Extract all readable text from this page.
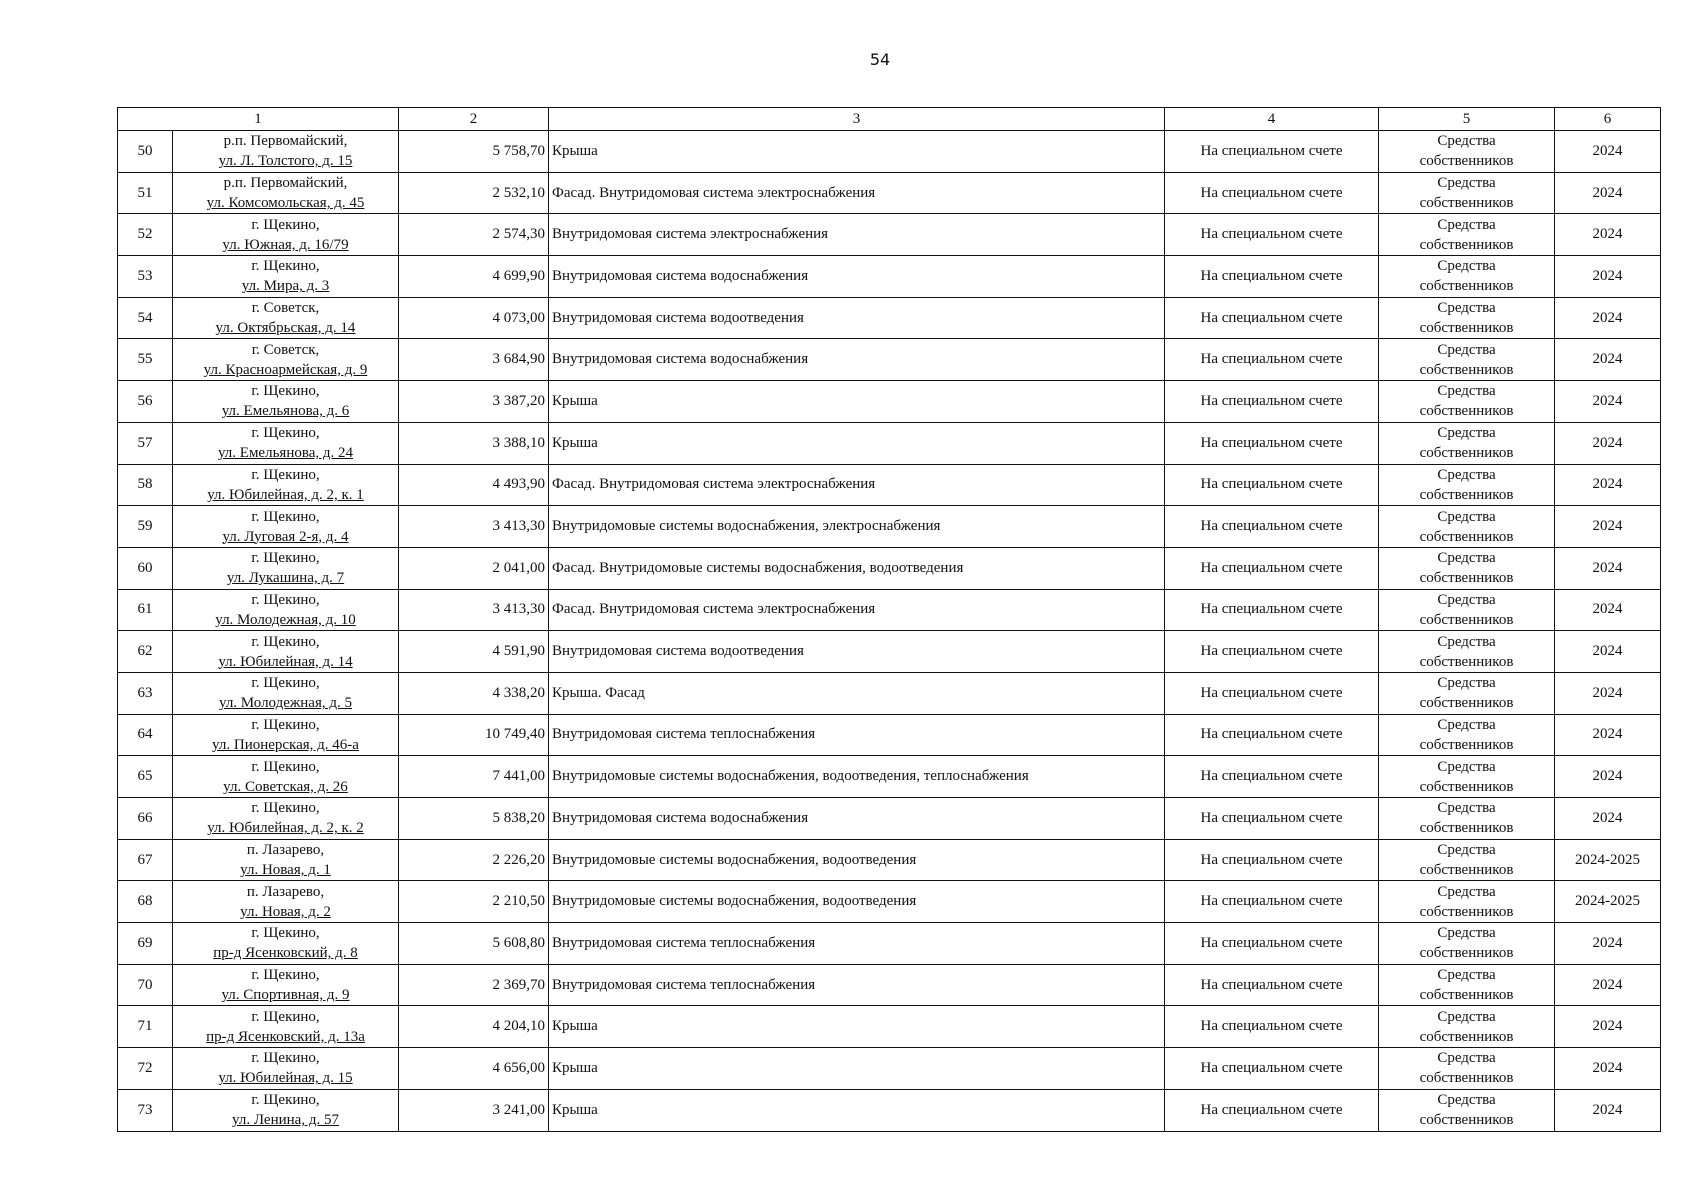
54
1		2	3	4	5	6
50	р.п. Первомайский,
ул. Л. Толстого, д. 15	5 758,70	Крыша	На специальном счете	Средства
собственников	2024
51	р.п. Первомайский,
ул. Комсомольская, д. 45	2 532,10	Фасад. Внутридомовая система электроснабжения	На специальном счете	Средства
собственников	2024
52	г. Щекино,
ул. Южная, д. 16/79	2 574,30	Внутридомовая система электроснабжения	На специальном счете	Средства
собственников	2024
53	г. Щекино,
ул. Мира, д. 3	4 699,90	Внутридомовая система водоснабжения	На специальном счете	Средства
собственников	2024
54	г. Советск,
ул. Октябрьская, д. 14	4 073,00	Внутридомовая система водоотведения	На специальном счете	Средства
собственников	2024
55	г. Советск,
ул. Красноармейская, д. 9	3 684,90	Внутридомовая система водоснабжения	На специальном счете	Средства
собственников	2024
56	г. Щекино,
ул. Емельянова, д. 6	3 387,20	Крыша	На специальном счете	Средства
собственников	2024
57	г. Щекино,
ул. Емельянова, д. 24	3 388,10	Крыша	На специальном счете	Средства
собственников	2024
58	г. Щекино,
ул. Юбилейная, д. 2, к. 1	4 493,90	Фасад. Внутридомовая система электроснабжения	На специальном счете	Средства
собственников	2024
59	г. Щекино,
ул. Луговая 2-я, д. 4	3 413,30	Внутридомовые системы водоснабжения, электроснабжения	На специальном счете	Средства
собственников	2024
60	г. Щекино,
ул. Лукашина, д. 7	2 041,00	Фасад. Внутридомовые системы водоснабжения, водоотведения	На специальном счете	Средства
собственников	2024
61	г. Щекино,
ул. Молодежная, д. 10	3 413,30	Фасад. Внутридомовая система электроснабжения	На специальном счете	Средства
собственников	2024
62	г. Щекино,
ул. Юбилейная, д. 14	4 591,90	Внутридомовая система водоотведения	На специальном счете	Средства
собственников	2024
63	г. Щекино,
ул. Молодежная, д. 5	4 338,20	Крыша. Фасад	На специальном счете	Средства
собственников	2024
64	г. Щекино,
ул. Пионерская, д. 46-а	10 749,40	Внутридомовая система теплоснабжения	На специальном счете	Средства
собственников	2024
65	г. Щекино,
ул. Советская, д. 26	7 441,00	Внутридомовые системы водоснабжения, водоотведения, теплоснабжения	На специальном счете	Средства
собственников	2024
66	г. Щекино,
ул. Юбилейная, д. 2, к. 2	5 838,20	Внутридомовая система водоснабжения	На специальном счете	Средства
собственников	2024
67	п. Лазарево,
ул. Новая, д. 1	2 226,20	Внутридомовые системы водоснабжения, водоотведения	На специальном счете	Средства
собственников	2024-2025
68	п. Лазарево,
ул. Новая, д. 2	2 210,50	Внутридомовые системы водоснабжения, водоотведения	На специальном счете	Средства
собственников	2024-2025
69	г. Щекино,
пр-д Ясенковский, д. 8	5 608,80	Внутридомовая система теплоснабжения	На специальном счете	Средства
собственников	2024
70	г. Щекино,
ул. Спортивная, д. 9	2 369,70	Внутридомовая система теплоснабжения	На специальном счете	Средства
собственников	2024
71	г. Щекино,
пр-д Ясенковский, д. 13а	4 204,10	Крыша	На специальном счете	Средства
собственников	2024
72	г. Щекино,
ул. Юбилейная, д. 15	4 656,00	Крыша	На специальном счете	Средства
собственников	2024
73	г. Щекино,
ул. Ленина, д. 57	3 241,00	Крыша	На специальном счете	Средства
собственников	2024
